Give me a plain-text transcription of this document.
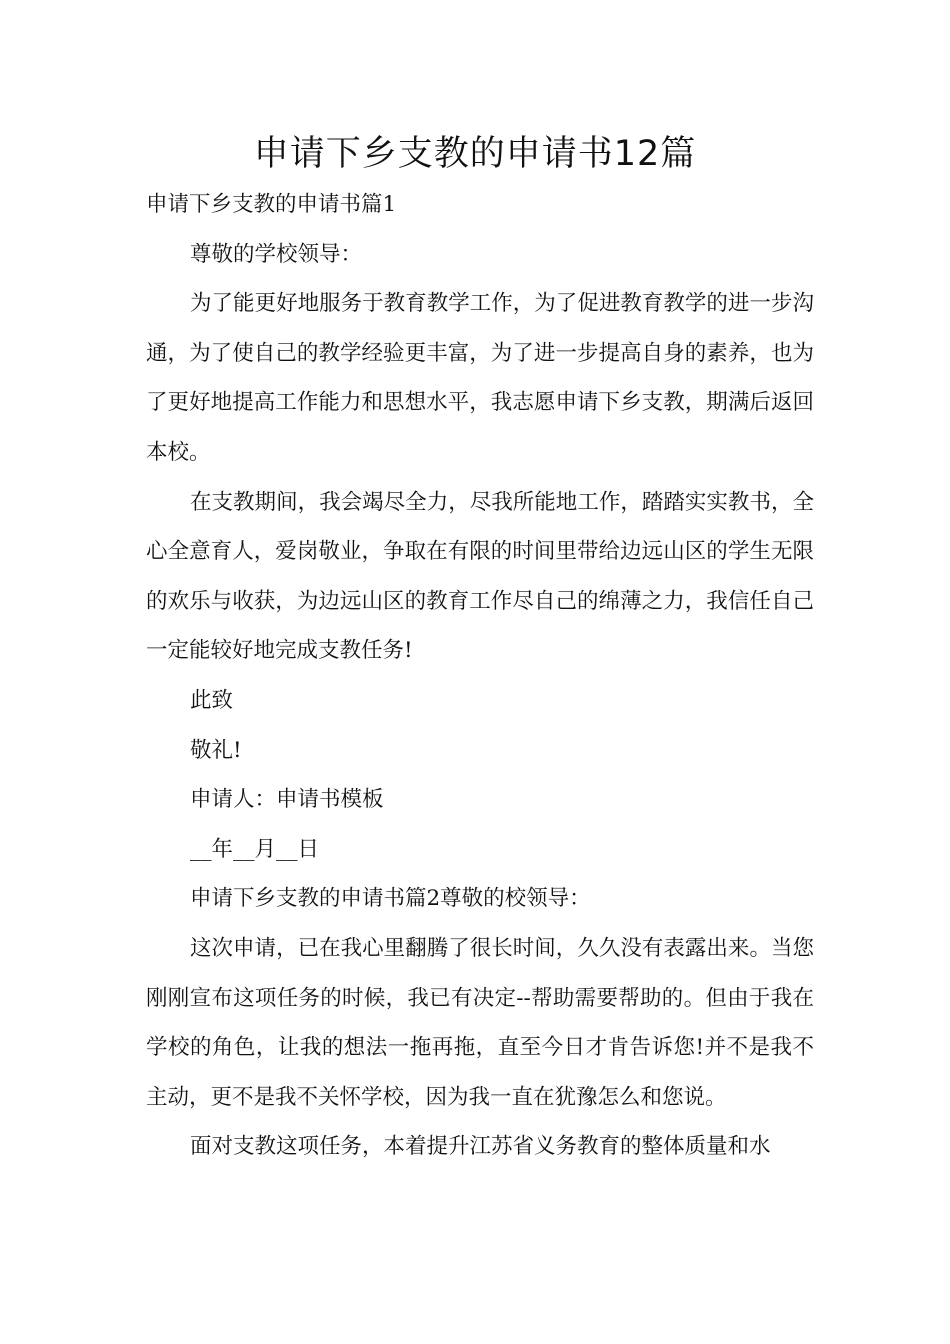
申请下乡支教的申请书12篇

申请下乡支教的申请书篇1

尊敬的学校领导：

为了能更好地服务于教育教学工作，为了促进教育教学的进一步沟通，为了使自己的教学经验更丰富，为了进一步提高自身的素养，也为了更好地提高工作能力和思想水平，我志愿申请下乡支教，期满后返回本校。

在支教期间，我会竭尽全力，尽我所能地工作，踏踏实实教书，全心全意育人，爱岗敬业，争取在有限的时间里带给边远山区的学生无限的欢乐与收获，为边远山区的教育工作尽自己的绵薄之力，我信任自己一定能较好地完成支教任务!

此致

敬礼!

申请人：申请书模板

__年__月__日

申请下乡支教的申请书篇2尊敬的校领导：

这次申请，已在我心里翻腾了很长时间，久久没有表露出来。当您刚刚宣布这项任务的时候，我已有决定--帮助需要帮助的。但由于我在学校的角色，让我的想法一拖再拖，直至今日才肯告诉您!并不是我不主动，更不是我不关怀学校，因为我一直在犹豫怎么和您说。

面对支教这项任务，本着提升江苏省义务教育的整体质量和水
